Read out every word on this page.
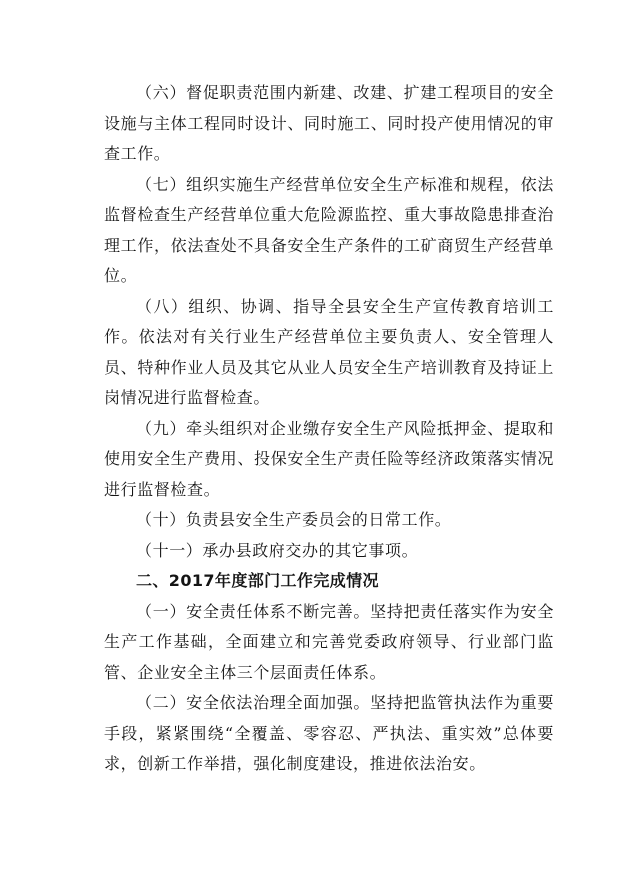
（六）督促职责范围内新建、改建、扩建工程项目的安全设施与主体工程同时设计、同时施工、同时投产使用情况的审查工作。

（七）组织实施生产经营单位安全生产标准和规程，依法监督检查生产经营单位重大危险源监控、重大事故隐患排查治理工作，依法查处不具备安全生产条件的工矿商贸生产经营单位。

（八）组织、协调、指导全县安全生产宣传教育培训工作。依法对有关行业生产经营单位主要负责人、安全管理人员、特种作业人员及其它从业人员安全生产培训教育及持证上岗情况进行监督检查。

（九）牵头组织对企业缴存安全生产风险抵押金、提取和使用安全生产费用、投保安全生产责任险等经济政策落实情况进行监督检查。

（十）负责县安全生产委员会的日常工作。

（十一）承办县政府交办的其它事项。

二、2017年度部门工作完成情况

（一）安全责任体系不断完善。坚持把责任落实作为安全生产工作基础，全面建立和完善党委政府领导、行业部门监管、企业安全主体三个层面责任体系。

（二）安全依法治理全面加强。坚持把监管执法作为重要手段，紧紧围绕“全覆盖、零容忍、严执法、重实效”总体要求，创新工作举措，强化制度建设，推进依法治安。
